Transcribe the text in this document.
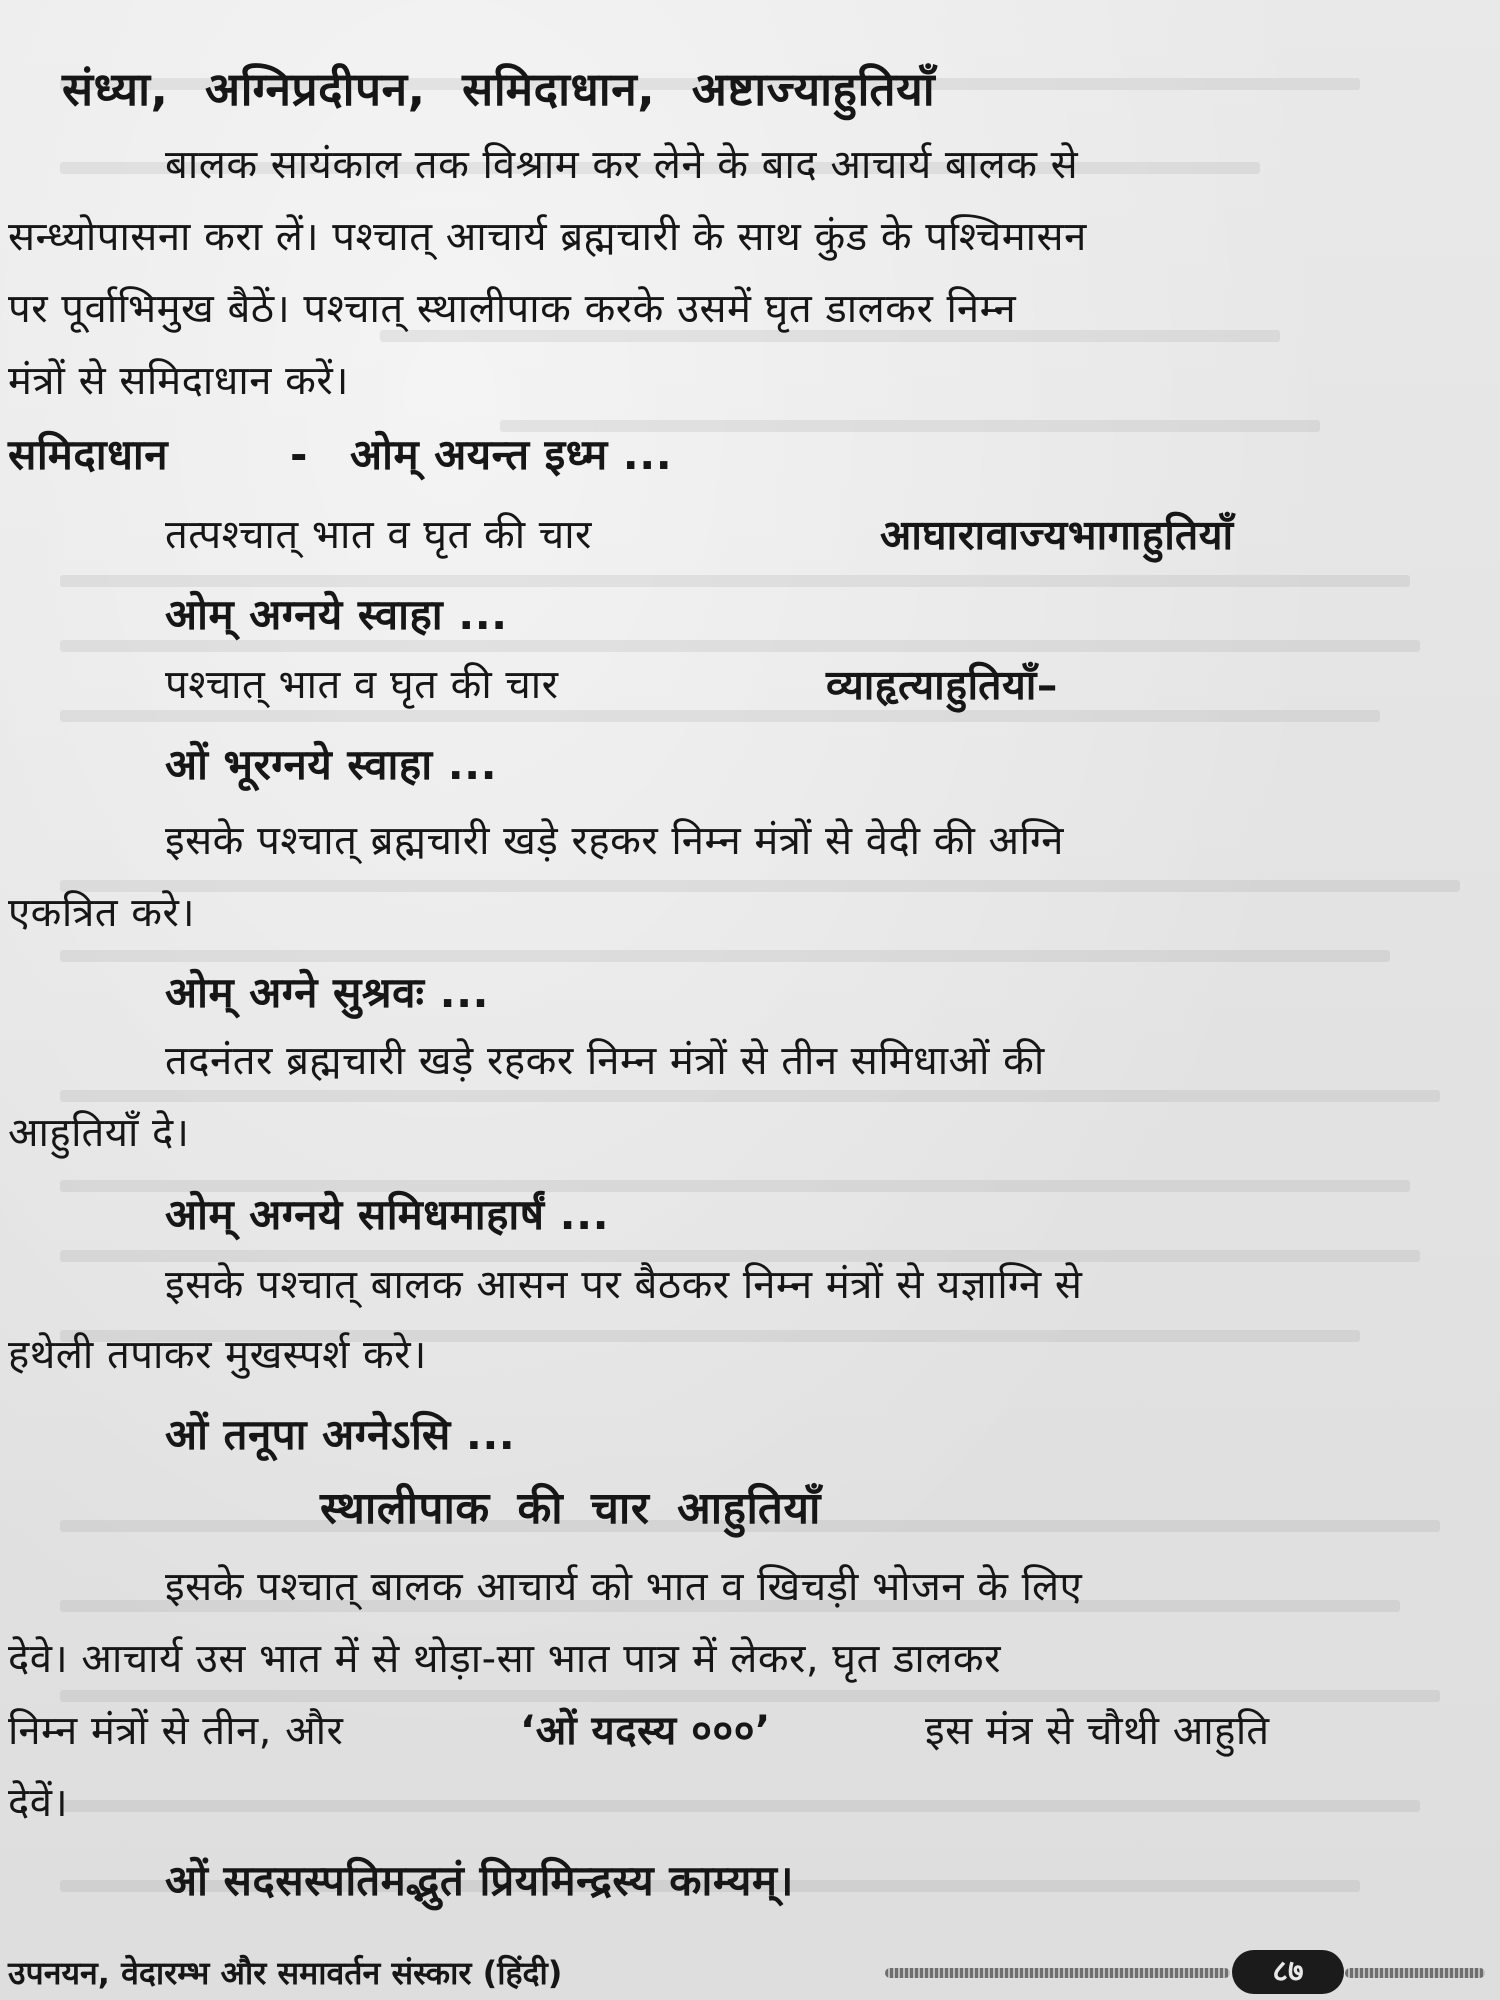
संध्या, अग्निप्रदीपन, समिदाधान, अष्टाज्याहुतियाँ
बालक सायंकाल तक विश्राम कर लेने के बाद आचार्य बालक से
सन्ध्योपासना करा लें। पश्चात् आचार्य ब्रह्मचारी के साथ कुंड के पश्चिमासन
पर पूर्वाभिमुख बैठें। पश्चात् स्थालीपाक करके उसमें घृत डालकर निम्न
मंत्रों से समिदाधान करें।
समिदाधान	- ओम् अयन्त इध्म ...
तत्पश्चात् भात व घृत की चार	आघारावाज्यभागाहुतियाँ
ओम् अग्नये स्वाहा ...
पश्चात् भात व घृत की चार	व्याहृत्याहुतियाँ–
ओं भूरग्नये स्वाहा ...
इसके पश्चात् ब्रह्मचारी खड़े रहकर निम्न मंत्रों से वेदी की अग्नि
एकत्रित करे।
ओम् अग्ने सुश्रवः ...
तदनंतर ब्रह्मचारी खड़े रहकर निम्न मंत्रों से तीन समिधाओं की
आहुतियाँ दे।
ओम् अग्नये समिधमाहार्षं ...
इसके पश्चात् बालक आसन पर बैठकर निम्न मंत्रों से यज्ञाग्नि से
हथेली तपाकर मुखस्पर्श करे।
ओं तनूपा अग्नेऽसि ...
स्थालीपाक की चार आहुतियाँ
इसके पश्चात् बालक आचार्य को भात व खिचड़ी भोजन के लिए
देवे। आचार्य उस भात में से थोड़ा-सा भात पात्र में लेकर, घृत डालकर
निम्न मंत्रों से तीन, और	‘ओं यदस्य ०००’	इस मंत्र से चौथी आहुति
देवें।
ओं सदसस्पतिमद्भुतं प्रियमिन्द्रस्य काम्यम्।
उपनयन, वेदारम्भ और समावर्तन संस्कार (हिंदी)	८७
